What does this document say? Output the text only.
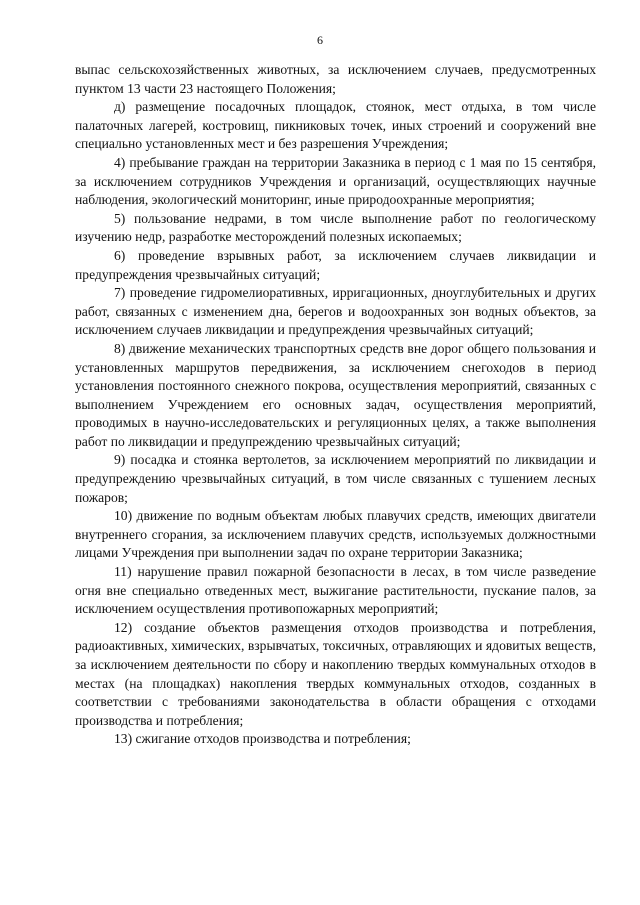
6

выпас сельскохозяйственных животных, за исключением случаев, предусмотренных пунктом 13 части 23 настоящего Положения;

д) размещение посадочных площадок, стоянок, мест отдыха, в том числе палаточных лагерей, костровищ, пикниковых точек, иных строений и сооружений вне специально установленных мест и без разрешения Учреждения;

4) пребывание граждан на территории Заказника в период с 1 мая по 15 сентября, за исключением сотрудников Учреждения и организаций, осуществляющих научные наблюдения, экологический мониторинг, иные природоохранные мероприятия;

5) пользование недрами, в том числе выполнение работ по геологическому изучению недр, разработке месторождений полезных ископаемых;

6) проведение взрывных работ, за исключением случаев ликвидации и предупреждения чрезвычайных ситуаций;

7) проведение гидромелиоративных, ирригационных, дноуглубительных и других работ, связанных с изменением дна, берегов и водоохранных зон водных объектов, за исключением случаев ликвидации и предупреждения чрезвычайных ситуаций;

8) движение механических транспортных средств вне дорог общего пользования и установленных маршрутов передвижения, за исключением снегоходов в период установления постоянного снежного покрова, осуществления мероприятий, связанных с выполнением Учреждением его основных задач, осуществления мероприятий, проводимых в научно-исследовательских и регуляционных целях, а также выполнения работ по ликвидации и предупреждению чрезвычайных ситуаций;

9) посадка и стоянка вертолетов, за исключением мероприятий по ликвидации и предупреждению чрезвычайных ситуаций, в том числе связанных с тушением лесных пожаров;

10) движение по водным объектам любых плавучих средств, имеющих двигатели внутреннего сгорания, за исключением плавучих средств, используемых должностными лицами Учреждения при выполнении задач по охране территории Заказника;

11) нарушение правил пожарной безопасности в лесах, в том числе разведение огня вне специально отведенных мест, выжигание растительности, пускание палов, за исключением осуществления противопожарных мероприятий;

12) создание объектов размещения отходов производства и потребления, радиоактивных, химических, взрывчатых, токсичных, отравляющих и ядовитых веществ, за исключением деятельности по сбору и накоплению твердых коммунальных отходов в местах (на площадках) накопления твердых коммунальных отходов, созданных в соответствии с требованиями законодательства в области обращения с отходами производства и потребления;

13) сжигание отходов производства и потребления;
